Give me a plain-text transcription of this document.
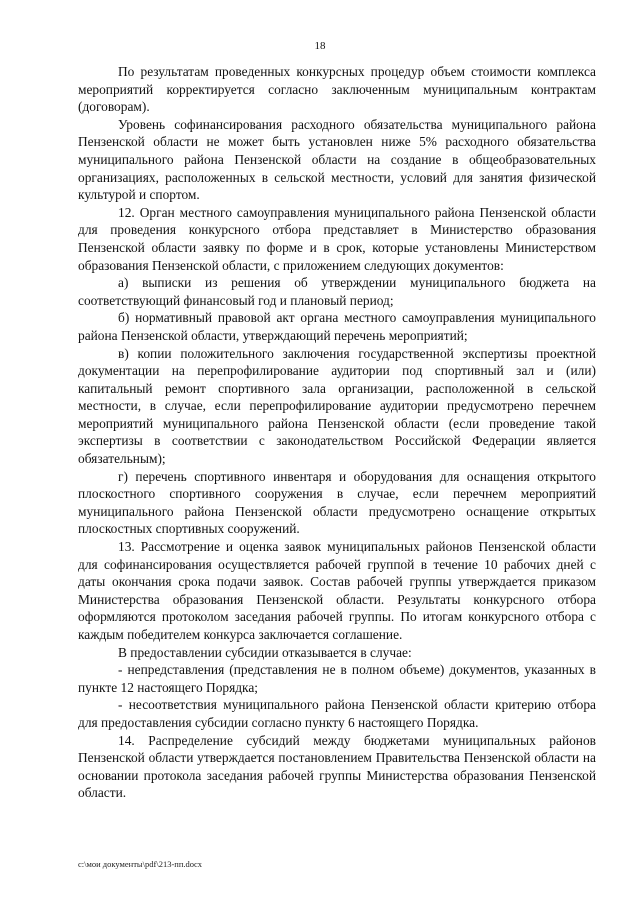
18

По результатам проведенных конкурсных процедур объем стоимости комплекса мероприятий корректируется согласно заключенным муниципальным контрактам (договорам).

Уровень софинансирования расходного обязательства муниципального района Пензенской области не может быть установлен ниже 5% расходного обязательства муниципального района Пензенской области на создание в общеобразовательных организациях, расположенных в сельской местности, условий для занятия физической культурой и спортом.

12. Орган местного самоуправления муниципального района Пензенской области для проведения конкурсного отбора представляет в Министерство образования Пензенской области заявку по форме и в срок, которые установлены Министерством образования Пензенской области, с приложением следующих документов:

а) выписки из решения об утверждении муниципального бюджета на соответствующий финансовый год и плановый период;

б) нормативный правовой акт органа местного самоуправления муниципального района Пензенской области, утверждающий перечень мероприятий;

в) копии положительного заключения государственной экспертизы проектной документации на перепрофилирование аудитории под спортивный зал и (или) капитальный ремонт спортивного зала организации, расположенной в сельской местности, в случае, если перепрофилирование аудитории предусмотрено перечнем мероприятий муниципального района Пензенской области (если проведение такой экспертизы в соответствии с законодательством Российской Федерации является обязательным);

г) перечень спортивного инвентаря и оборудования для оснащения открытого плоскостного спортивного сооружения в случае, если перечнем мероприятий муниципального района Пензенской области предусмотрено оснащение открытых плоскостных спортивных сооружений.

13. Рассмотрение и оценка заявок муниципальных районов Пензенской области для софинансирования осуществляется рабочей группой в течение 10 рабочих дней с даты окончания срока подачи заявок. Состав рабочей группы утверждается приказом Министерства образования Пензенской области. Результаты конкурсного отбора оформляются протоколом заседания рабочей группы. По итогам конкурсного отбора с каждым победителем конкурса заключается соглашение.

В предоставлении субсидии отказывается в случае:

- непредставления (представления не в полном объеме) документов, указанных в пункте 12 настоящего Порядка;

- несоответствия муниципального района Пензенской области критерию отбора для предоставления субсидии согласно пункту 6 настоящего Порядка.

14. Распределение субсидий между бюджетами муниципальных районов Пензенской области утверждается постановлением Правительства Пензенской области на основании протокола заседания рабочей группы Министерства образования Пензенской области.

c:\мои документы\pdf\213-пп.docx
